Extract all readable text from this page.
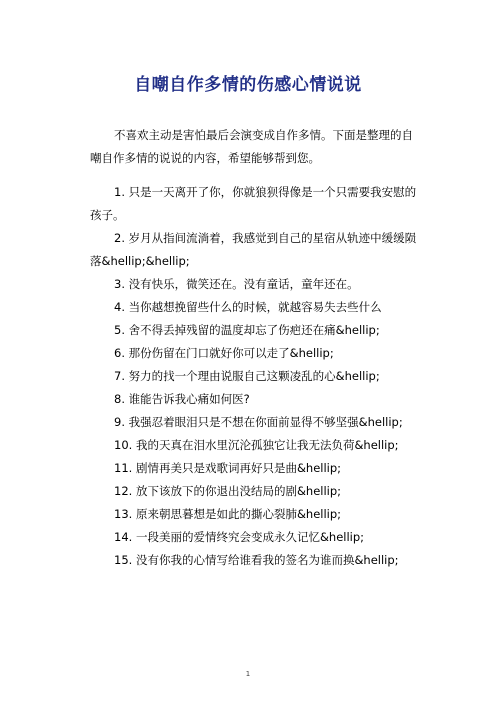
自嘲自作多情的伤感心情说说
不喜欢主动是害怕最后会演变成自作多情。下面是整理的自嘲自作多情的说说的内容，希望能够帮到您。
1. 只是一天离开了你，你就狼狈得像是一个只需要我安慰的孩子。
2. 岁月从指间流淌着，我感觉到自己的星宿从轨迹中缓缓陨落&hellip;&hellip;
3. 没有快乐，微笑还在。没有童话，童年还在。
4. 当你越想挽留些什么的时候，就越容易失去些什么
5. 舍不得丢掉残留的温度却忘了伤疤还在痛&hellip;
6. 那份伤留在门口就好你可以走了&hellip;
7. 努力的找一个理由说服自己这颗凌乱的心&hellip;
8. 谁能告诉我心痛如何医?
9. 我强忍着眼泪只是不想在你面前显得不够坚强&hellip;
10. 我的天真在泪水里沉沦孤独它让我无法负荷&hellip;
11. 剧情再美只是戏歌词再好只是曲&hellip;
12. 放下该放下的你退出没结局的剧&hellip;
13. 原来朝思暮想是如此的撕心裂肺&hellip;
14. 一段美丽的爱情终究会变成永久记忆&hellip;
15. 没有你我的心情写给谁看我的签名为谁而换&hellip;
1
